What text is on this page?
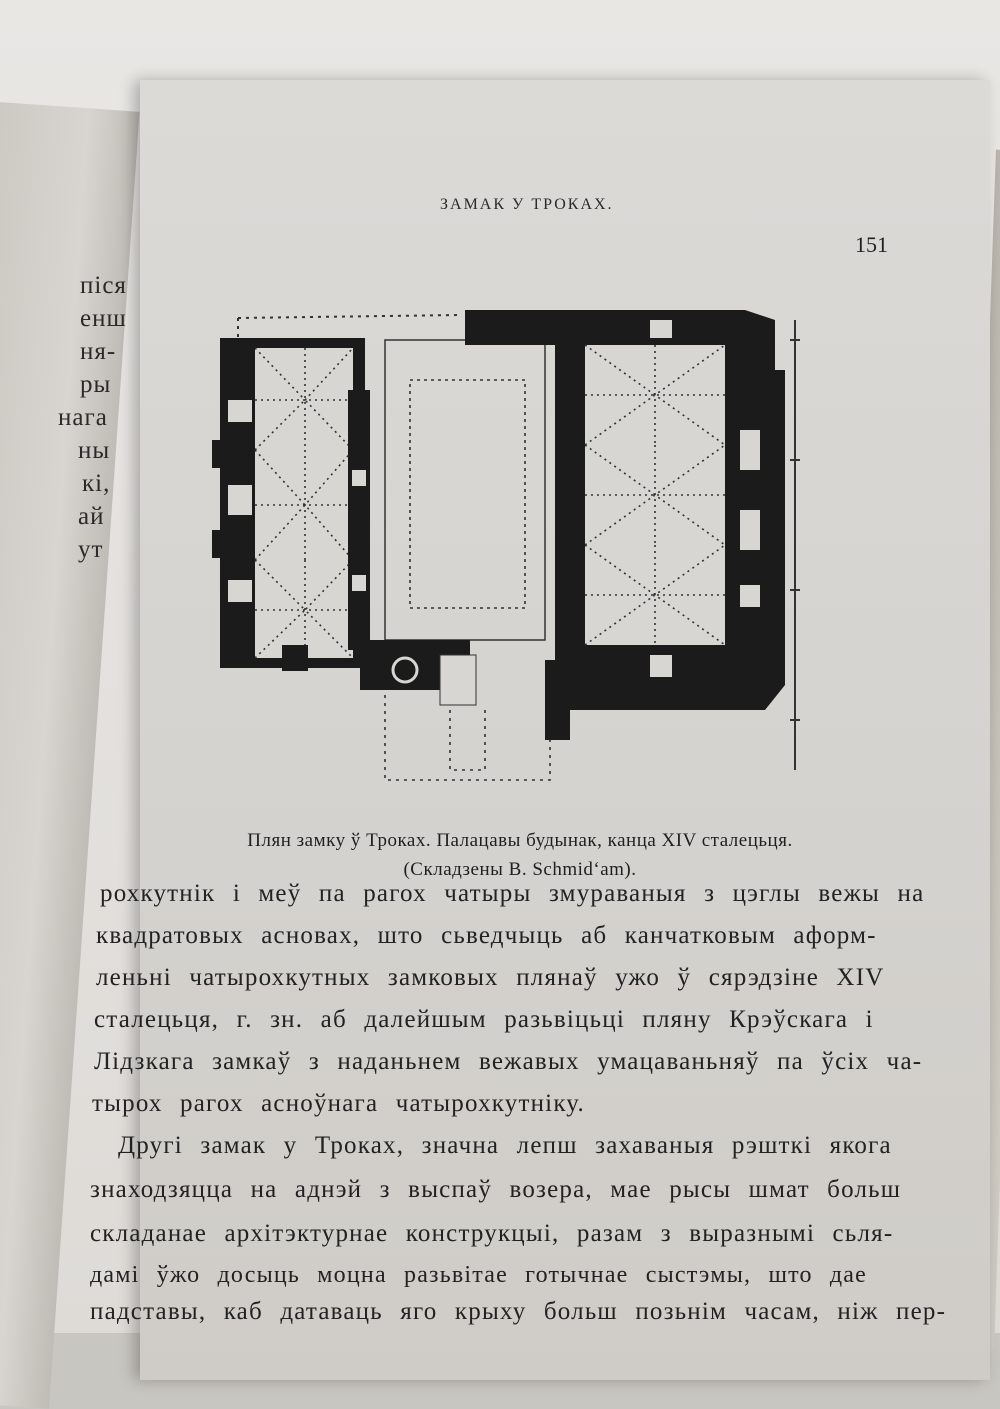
пiся
енш
ня-
ры
нага
ны
кi,
ай
ут
ЗАМАК У ТРОКАХ.
151
Плян замку ў Троках. Палацавы будынак, канца XIV сталецьця.
(Складзены B. Schmid‘am).
рохкутнiк i меў па рагох чатыры змураваныя з цэглы вежы на
квадратовых асновах, што сьведчыць аб канчатковым аформ-
леньнi чатырохкутных замковых плянаў ужо ў сярэдзiне XIV
сталецьця, г. зн. аб далейшым разьвiцьцi пляну Крэўскага i
Лiдзкага замкаў з наданьнем вежавых умацаваньняў па ўсiх ча-
тырох рагох асноўнага чатырохкутнiку.
Другi замак у Троках, значна лепш захаваныя рэшткi якога
знаходзяцца на аднэй з выспаў возера, мае рысы шмат больш
складанае архiтэктурнае конструкцыi, разам з выразнымi сьля-
дамi ўжо досыць моцна разьвiтае готычнае сыстэмы, што дае
падставы, каб датаваць яго крыху больш позьнiм часам, нiж пер-
